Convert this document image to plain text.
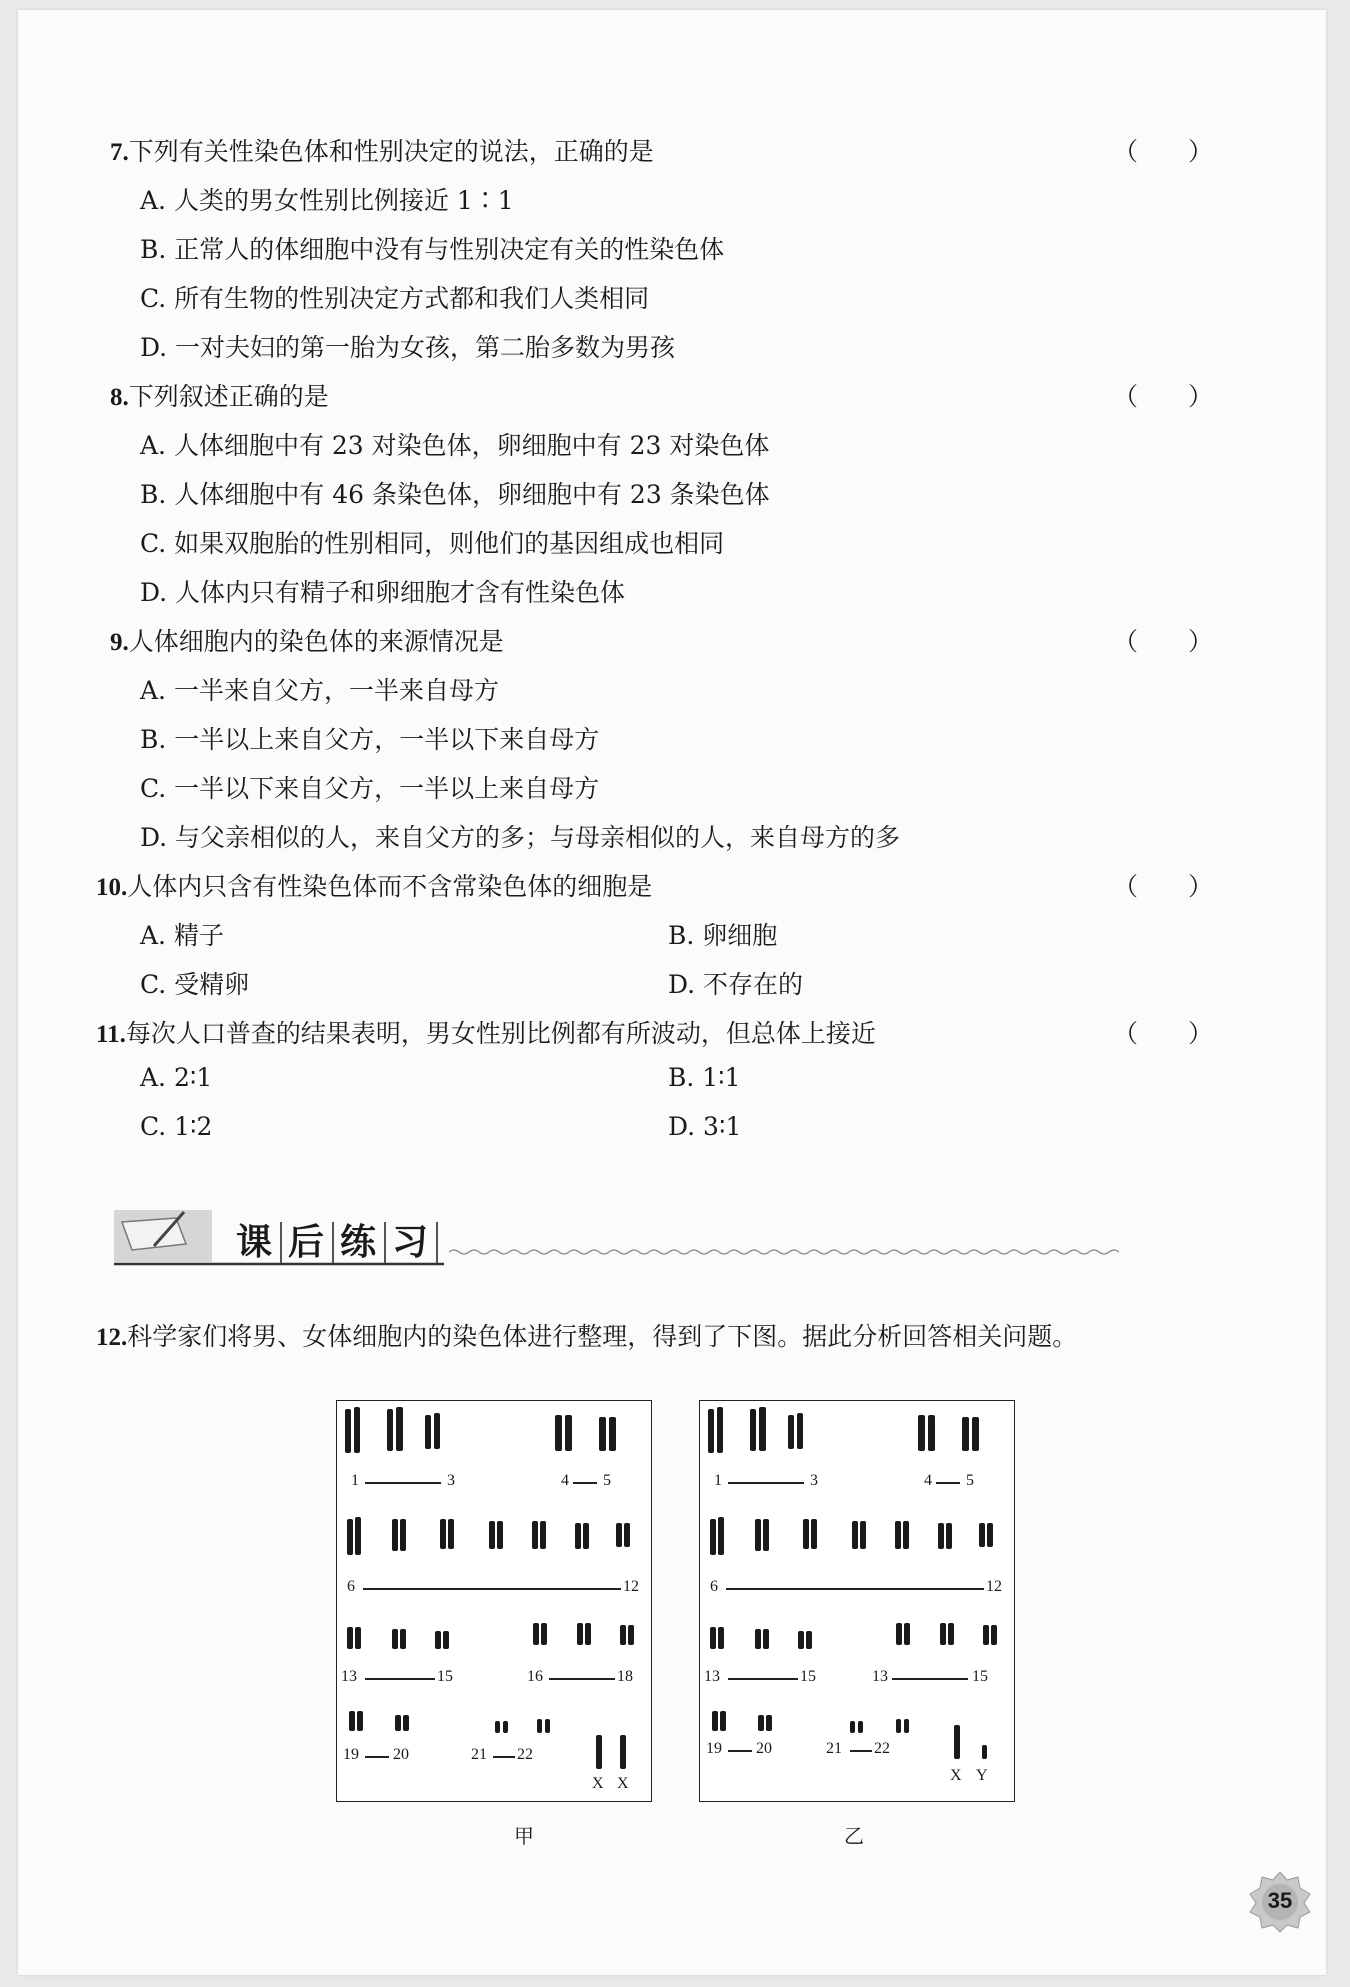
7.下列有关性染色体和性别决定的说法，正确的是	（　　）
A. 人类的男女性别比例接近 1∶1
B. 正常人的体细胞中没有与性别决定有关的性染色体
C. 所有生物的性别决定方式都和我们人类相同
D. 一对夫妇的第一胎为女孩，第二胎多数为男孩
8.下列叙述正确的是	（　　）
A. 人体细胞中有 23 对染色体，卵细胞中有 23 对染色体
B. 人体细胞中有 46 条染色体，卵细胞中有 23 条染色体
C. 如果双胞胎的性别相同，则他们的基因组成也相同
D. 人体内只有精子和卵细胞才含有性染色体
9.人体细胞内的染色体的来源情况是	（　　）
A. 一半来自父方，一半来自母方
B. 一半以上来自父方，一半以下来自母方
C. 一半以下来自父方，一半以上来自母方
D. 与父亲相似的人，来自父方的多；与母亲相似的人，来自母方的多
10.人体内只含有性染色体而不含常染色体的细胞是	（　　）
A. 精子	B. 卵细胞
C. 受精卵	D. 不存在的
11.每次人口普查的结果表明，男女性别比例都有所波动，但总体上接近	（　　）
A. 2∶1	B. 1∶1
C. 1∶2	D. 3∶1
课 后 练 习
12.科学家们将男、女体细胞内的染色体进行整理，得到了下图。据此分析回答相关问题。
1	3	4 5
6	12
13	15	16	18
19 20	21 22
X X
甲
1	3	4 5
6	12
13	15	13	15
19 20	21 22
X Y
乙
35
